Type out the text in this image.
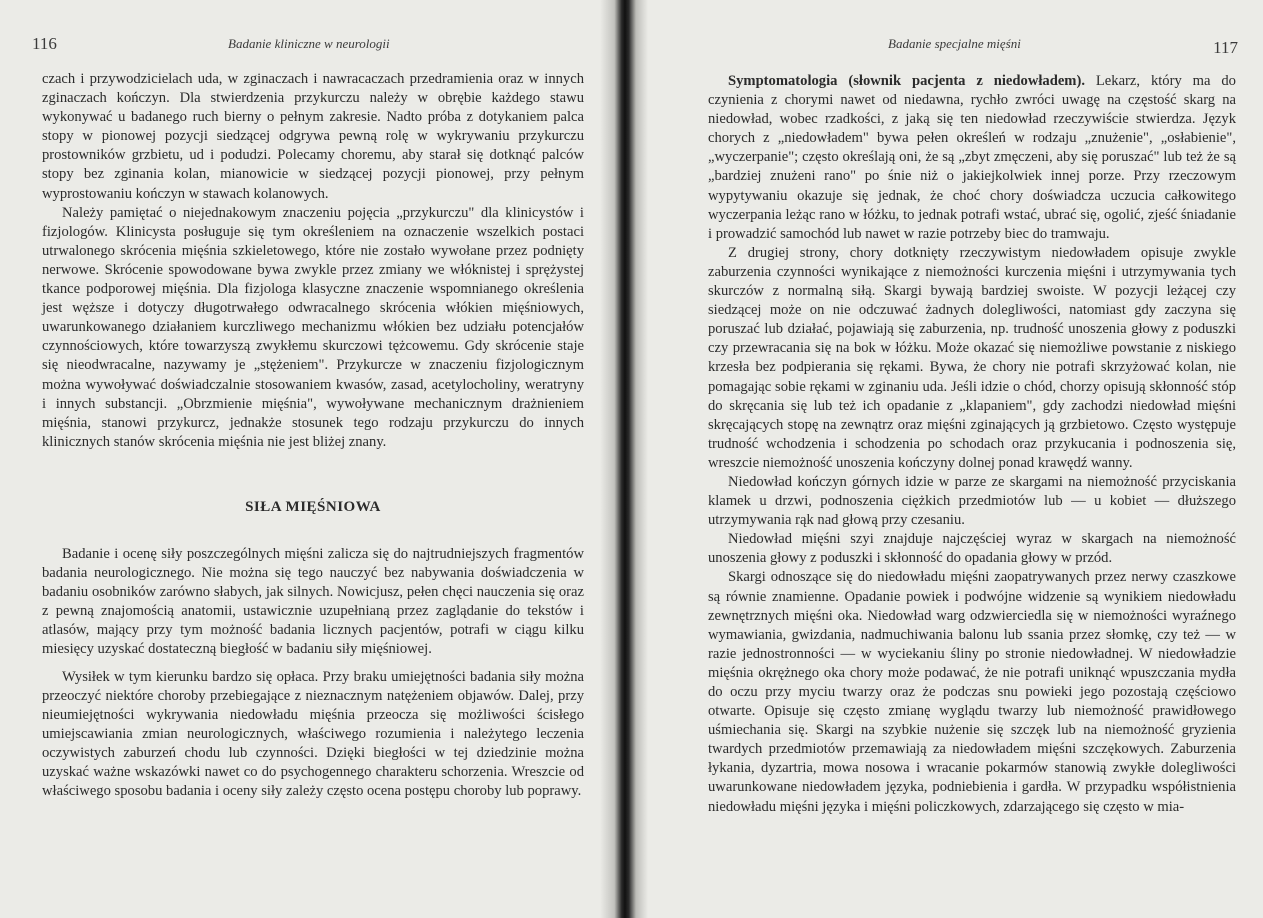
116	Badanie kliniczne w neurologii

czach i przywodzicielach uda, w zginaczach i nawracaczach przedramienia oraz w innych zginaczach kończyn. Dla stwierdzenia przykurczu należy w obrębie każdego stawu wykonywać u badanego ruch bierny o pełnym zakresie. Nadto próba z dotykaniem palca stopy w pionowej pozycji siedzącej odgrywa pewną rolę w wykrywaniu przykurczu prostowników grzbietu, ud i podudzi. Polecamy choremu, aby starał się dotknąć palców stopy bez zginania kolan, mianowicie w siedzącej pozycji pionowej, przy pełnym wyprostowaniu kończyn w stawach kolanowych.

Należy pamiętać o niejednakowym znaczeniu pojęcia „przykurczu" dla klinicystów i fizjologów. Klinicysta posługuje się tym określeniem na oznaczenie wszelkich postaci utrwalonego skrócenia mięśnia szkieletowego, które nie zostało wywołane przez podnięty nerwowe. Skrócenie spowodowane bywa zwykle przez zmiany we włóknistej i sprężystej tkance podporowej mięśnia. Dla fizjologa klasyczne znaczenie wspomnianego określenia jest węższe i dotyczy długotrwałego odwracalnego skrócenia włókien mięśniowych, uwarunkowanego działaniem kurczliwego mechanizmu włókien bez udziału potencjałów czynnościowych, które towarzyszą zwykłemu skurczowi tężcowemu. Gdy skrócenie staje się nieodwracalne, nazywamy je „stężeniem". Przykurcze w znaczeniu fizjologicznym można wywoływać doświadczalnie stosowaniem kwasów, zasad, acetylocholiny, weratryny i innych substancji. „Obrzmienie mięśnia", wywoływane mechanicznym drażnieniem mięśnia, stanowi przykurcz, jednakże stosunek tego rodzaju przykurczu do innych klinicznych stanów skrócenia mięśnia nie jest bliżej znany.

SIŁA MIĘŚNIOWA

Badanie i ocenę siły poszczególnych mięśni zalicza się do najtrudniejszych fragmentów badania neurologicznego. Nie można się tego nauczyć bez nabywania doświadczenia w badaniu osobników zarówno słabych, jak silnych. Nowicjusz, pełen chęci nauczenia się oraz z pewną znajomością anatomii, ustawicznie uzupełnianą przez zaglądanie do tekstów i atlasów, mający przy tym możność badania licznych pacjentów, potrafi w ciągu kilku miesięcy uzyskać dostateczną biegłość w badaniu siły mięśniowej.

Wysiłek w tym kierunku bardzo się opłaca. Przy braku umiejętności badania siły można przeoczyć niektóre choroby przebiegające z nieznacznym natężeniem objawów. Dalej, przy nieumiejętności wykrywania niedowładu mięśnia przeocza się możliwości ścisłego umiejscawiania zmian neurologicznych, właściwego rozumienia i należytego leczenia oczywistych zaburzeń chodu lub czynności. Dzięki biegłości w tej dziedzinie można uzyskać ważne wskazówki nawet co do psychogennego charakteru schorzenia. Wreszcie od właściwego sposobu badania i oceny siły zależy często ocena postępu choroby lub poprawy.

Badanie specjalne mięśni	117

Symptomatologia (słownik pacjenta z niedowładem). Lekarz, który ma do czynienia z chorymi nawet od niedawna, rychło zwróci uwagę na częstość skarg na niedowład, wobec rzadkości, z jaką się ten niedowład rzeczywiście stwierdza. Język chorych z „niedowładem" bywa pełen określeń w rodzaju „znużenie", „osłabienie", „wyczerpanie"; często określają oni, że są „zbyt zmęczeni, aby się poruszać" lub też że są „bardziej znużeni rano" po śnie niż o jakiejkolwiek innej porze. Przy rzeczowym wypytywaniu okazuje się jednak, że choć chory doświadcza uczucia całkowitego wyczerpania leżąc rano w łóżku, to jednak potrafi wstać, ubrać się, ogolić, zjeść śniadanie i prowadzić samochód lub nawet w razie potrzeby biec do tramwaju.

Z drugiej strony, chory dotknięty rzeczywistym niedowładem opisuje zwykle zaburzenia czynności wynikające z niemożności kurczenia mięśni i utrzymywania tych skurczów z normalną siłą. Skargi bywają bardziej swoiste. W pozycji leżącej czy siedzącej może on nie odczuwać żadnych dolegliwości, natomiast gdy zaczyna się poruszać lub działać, pojawiają się zaburzenia, np. trudność unoszenia głowy z poduszki czy przewracania się na bok w łóżku. Może okazać się niemożliwe powstanie z niskiego krzesła bez podpierania się rękami. Bywa, że chory nie potrafi skrzyżować kolan, nie pomagając sobie rękami w zginaniu uda. Jeśli idzie o chód, chorzy opisują skłonność stóp do skręcania się lub też ich opadanie z „klapaniem", gdy zachodzi niedowład mięśni skręcających stopę na zewnątrz oraz mięśni zginających ją grzbietowo. Często występuje trudność wchodzenia i schodzenia po schodach oraz przykucania i podnoszenia się, wreszcie niemożność unoszenia kończyny dolnej ponad krawędź wanny.

Niedowład kończyn górnych idzie w parze ze skargami na niemożność przyciskania klamek u drzwi, podnoszenia ciężkich przedmiotów lub — u kobiet — dłuższego utrzymywania rąk nad głową przy czesaniu.

Niedowład mięśni szyi znajduje najczęściej wyraz w skargach na niemożność unoszenia głowy z poduszki i skłonność do opadania głowy w przód.

Skargi odnoszące się do niedowładu mięśni zaopatrywanych przez nerwy czaszkowe są równie znamienne. Opadanie powiek i podwójne widzenie są wynikiem niedowładu zewnętrznych mięśni oka. Niedowład warg odzwierciedla się w niemożności wyraźnego wymawiania, gwizdania, nadmuchiwania balonu lub ssania przez słomkę, czy też — w razie jednostronności — w wyciekaniu śliny po stronie niedowładnej. W niedowładzie mięśnia okrężnego oka chory może podawać, że nie potrafi uniknąć wpuszczania mydła do oczu przy myciu twarzy oraz że podczas snu powieki jego pozostają częściowo otwarte. Opisuje się często zmianę wyglądu twarzy lub niemożność prawidłowego uśmiechania się. Skargi na szybkie nużenie się szczęk lub na niemożność gryzienia twardych przedmiotów przemawiają za niedowładem mięśni szczękowych. Zaburzenia łykania, dyzartria, mowa nosowa i wracanie pokarmów stanowią zwykłe dolegliwości uwarunkowane niedowładem języka, podniebienia i gardła. W przypadku współistnienia niedowładu mięśni języka i mięśni policzkowych, zdarzającego się często w mia-
